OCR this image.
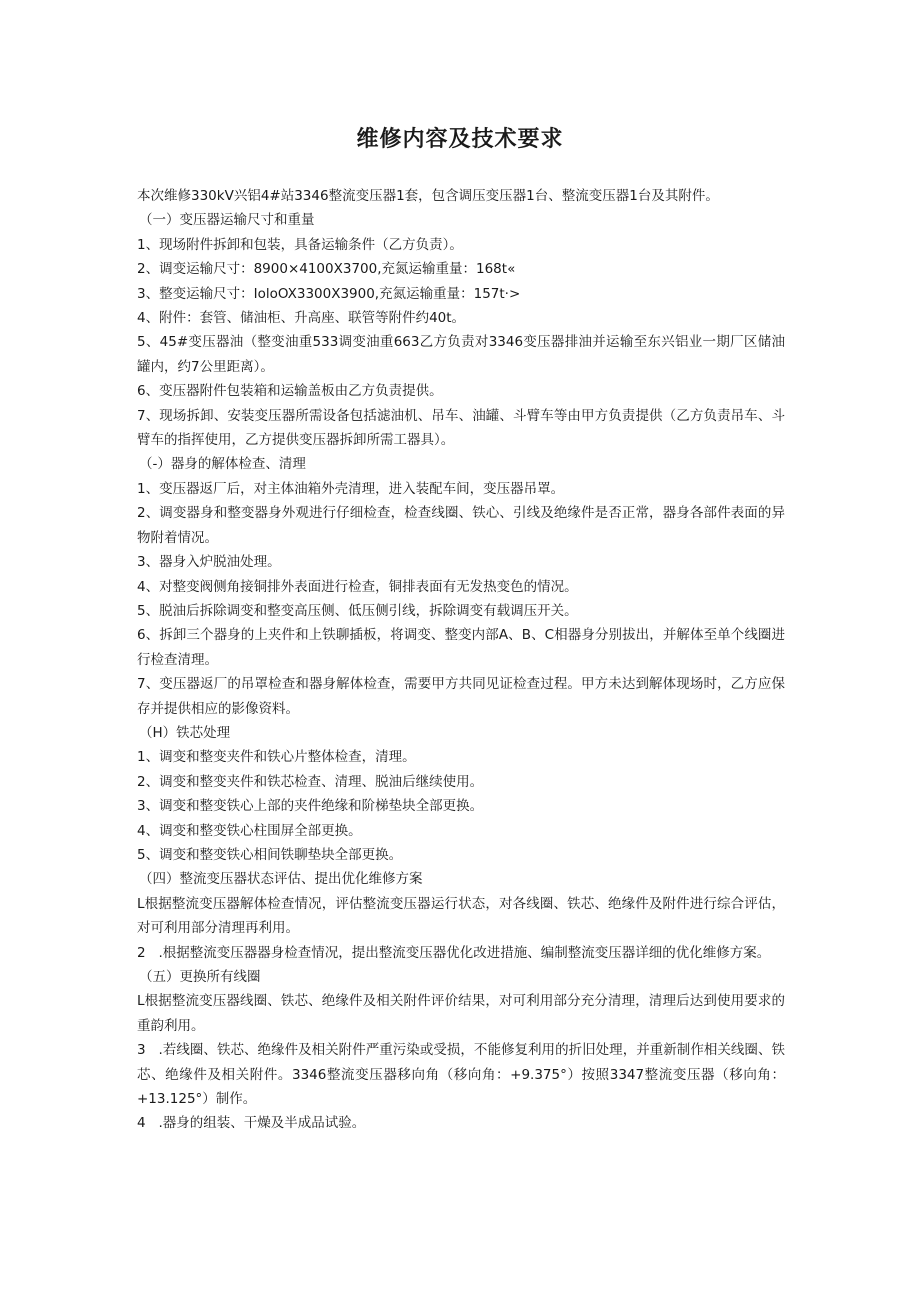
维修内容及技术要求

本次维修330kV兴铝4#站3346整流变压器1套，包含调压变压器1台、整流变压器1台及其附件。

（一）变压器运输尺寸和重量

1、现场附件拆卸和包装，具备运输条件（乙方负责）。

2、调变运输尺寸：8900×4100X3700,充氮运输重量：168t«

3、整变运输尺寸：IoloOX3300X3900,充氮运输重量：157t·>

4、附件：套管、储油柜、升高座、联管等附件约40t。

5、45#变压器油（整变油重533调变油重663乙方负责对3346变压器排油并运输至东兴铝业一期厂区储油罐内，约7公里距离）。

6、变压器附件包装箱和运输盖板由乙方负责提供。

7、现场拆卸、安装变压器所需设备包括滤油机、吊车、油罐、斗臂车等由甲方负责提供（乙方负责吊车、斗臂车的指挥使用，乙方提供变压器拆卸所需工器具）。

（-）器身的解体检查、清理

1、变压器返厂后，对主体油箱外壳清理，进入装配车间，变压器吊罩。

2、调变器身和整变器身外观进行仔细检查，检查线圈、铁心、引线及绝缘件是否正常，器身各部件表面的异物附着情况。

3、器身入炉脱油处理。

4、对整变阀侧角接铜排外表面进行检查，铜排表面有无发热变色的情况。

5、脱油后拆除调变和整变高压侧、低压侧引线，拆除调变有载调压开关。

6、拆卸三个器身的上夹件和上铁聊插板，将调变、整变内部A、B、C相器身分别拔出，并解体至单个线圈进行检查清理。

7、变压器返厂的吊罩检查和器身解体检查，需要甲方共同见证检查过程。甲方未达到解体现场时，乙方应保存并提供相应的影像资料。

（H）铁芯处理

1、调变和整变夹件和铁心片整体检查，清理。

2、调变和整变夹件和铁芯检查、清理、脱油后继续使用。

3、调变和整变铁心上部的夹件绝缘和阶梯垫块全部更换。

4、调变和整变铁心柱围屏全部更换。

5、调变和整变铁心相间铁聊垫块全部更换。

（四）整流变压器状态评估、提出优化维修方案

L根据整流变压器解体检查情况，评估整流变压器运行状态，对各线圈、铁芯、绝缘件及附件进行综合评估，对可利用部分清理再利用。

2   .根据整流变压器器身检查情况，提出整流变压器优化改进措施、编制整流变压器详细的优化维修方案。

（五）更换所有线圈

L根据整流变压器线圈、铁芯、绝缘件及相关附件评价结果，对可利用部分充分清理，清理后达到使用要求的重韵利用。

3   .若线圈、铁芯、绝缘件及相关附件严重污染或受损，不能修复利用的折旧处理，并重新制作相关线圈、铁芯、绝缘件及相关附件。3346整流变压器移向角（移向角：+9.375°）按照3347整流变压器（移向角：+13.125°）制作。

4   .器身的组装、干燥及半成品试验。
